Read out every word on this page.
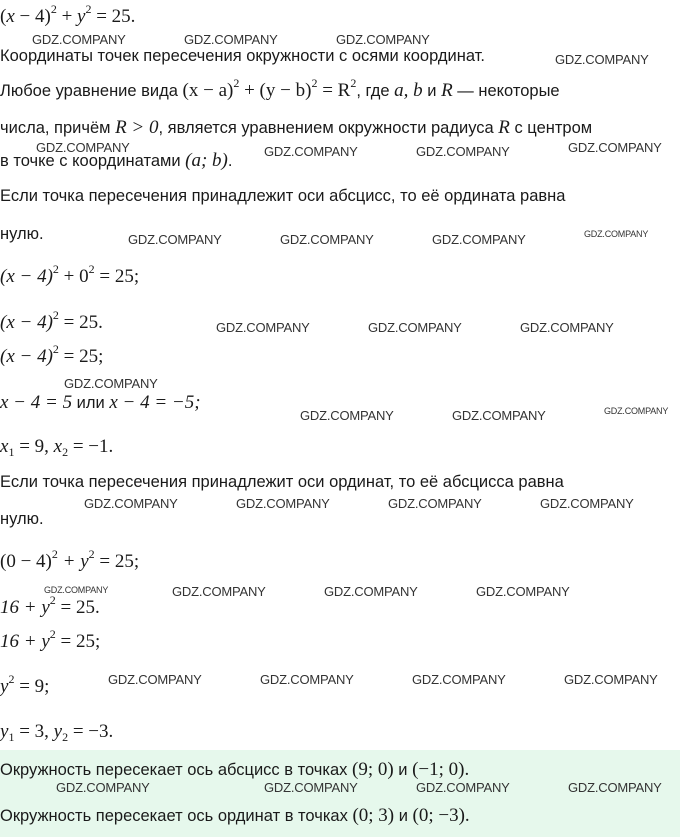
$(x - 4)^2 + y^2 = 25$.
Координаты точек пересечения окружности с осями координат.
Любое уравнение вида $(x - a)^2 + (y - b)^2 = R^2$, где a, b и R — некоторые
числа, причём R > 0, является уравнением окружности радиуса R с центром
в точке с координатами (a; b).
Если точка пересечения принадлежит оси абсцисс, то её ордината равна
нулю.
$(x - 4)^2 + 0^2 = 25$;
$(x - 4)^2 = 25$.
$(x - 4)^2 = 25$;
x − 4 = 5 или x − 4 = −5;
$x_1 = 9$, $x_2 = -1$.
Если точка пересечения принадлежит оси ординат, то её абсцисса равна
нулю.
$(0 - 4)^2 + y^2 = 25$;
$16 + y^2 = 25$.
$16 + y^2 = 25$;
$y^2 = 9$;
$y_1 = 3$, $y_2 = -3$.
Окружность пересекает ось абсцисс в точках (9; 0) и (−1; 0).
Окружность пересекает ось ординат в точках (0; 3) и (0; −3).
GDZ.COMPANY	GDZ.COMPANY	GDZ.COMPANY
GDZ.COMPANY
GDZ.COMPANY	GDZ.COMPANY	GDZ.COMPANY	GDZ.COMPANY
GDZ.COMPANY	GDZ.COMPANY	GDZ.COMPANY	GDZ.COMPANY
GDZ.COMPANY	GDZ.COMPANY	GDZ.COMPANY
GDZ.COMPANY
GDZ.COMPANY	GDZ.COMPANY	GDZ.COMPANY
GDZ.COMPANY	GDZ.COMPANY	GDZ.COMPANY	GDZ.COMPANY
GDZ.COMPANY	GDZ.COMPANY	GDZ.COMPANY	GDZ.COMPANY
GDZ.COMPANY	GDZ.COMPANY	GDZ.COMPANY	GDZ.COMPANY
GDZ.COMPANY	GDZ.COMPANY	GDZ.COMPANY	GDZ.COMPANY
